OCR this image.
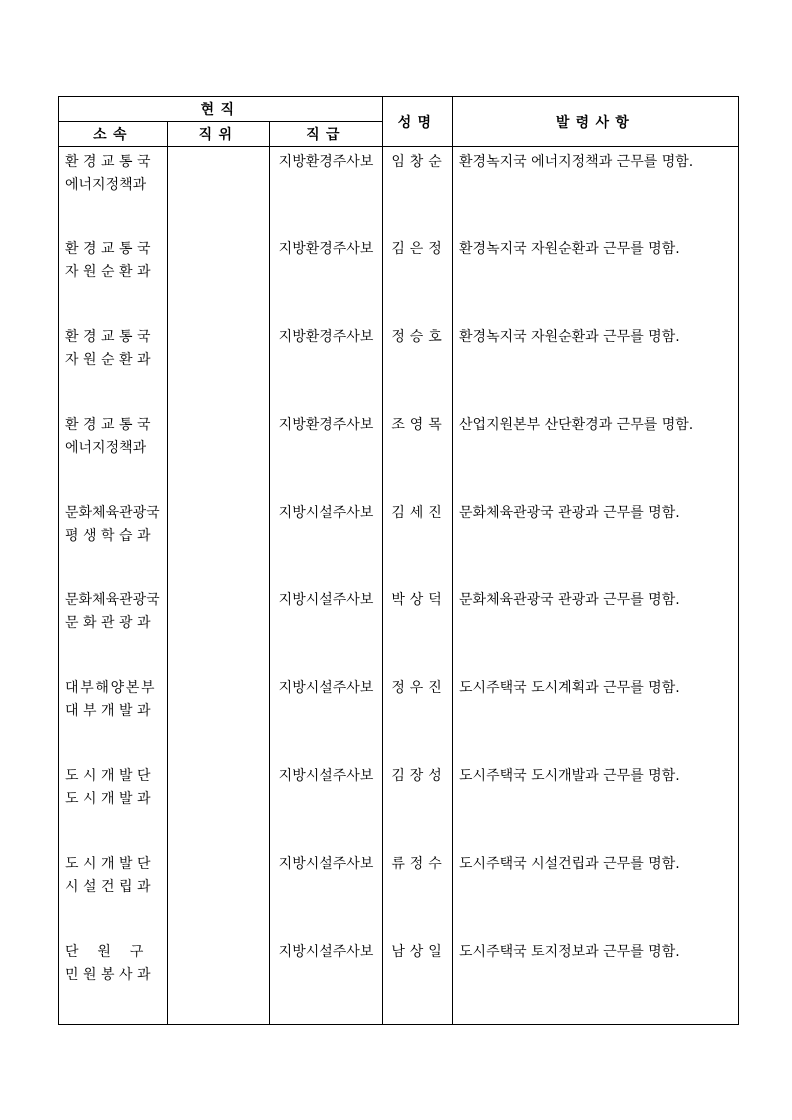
현직			성명	발령사항
소속	직위	직급		

환경교통국
에너지정책과		지방환경주사보	임창순	환경녹지국 에너지정책과 근무를 명함.

환경교통국
자원순환과		지방환경주사보	김은정	환경녹지국 자원순환과 근무를 명함.

환경교통국
자원순환과		지방환경주사보	정승호	환경녹지국 자원순환과 근무를 명함.

환경교통국
에너지정책과		지방환경주사보	조영목	산업지원본부 산단환경과 근무를 명함.

문화체육관광국
평생학습과		지방시설주사보	김세진	문화체육관광국 관광과 근무를 명함.

문화체육관광국
문화관광과		지방시설주사보	박상덕	문화체육관광국 관광과 근무를 명함.

대부해양본부
대부개발과		지방시설주사보	정우진	도시주택국 도시계획과 근무를 명함.

도시개발단
도시개발과		지방시설주사보	김장성	도시주택국 도시개발과 근무를 명함.

도시개발단
시설건립과		지방시설주사보	류정수	도시주택국 시설건립과 근무를 명함.

단원구
민원봉사과		지방시설주사보	남상일	도시주택국 토지정보과 근무를 명함.
